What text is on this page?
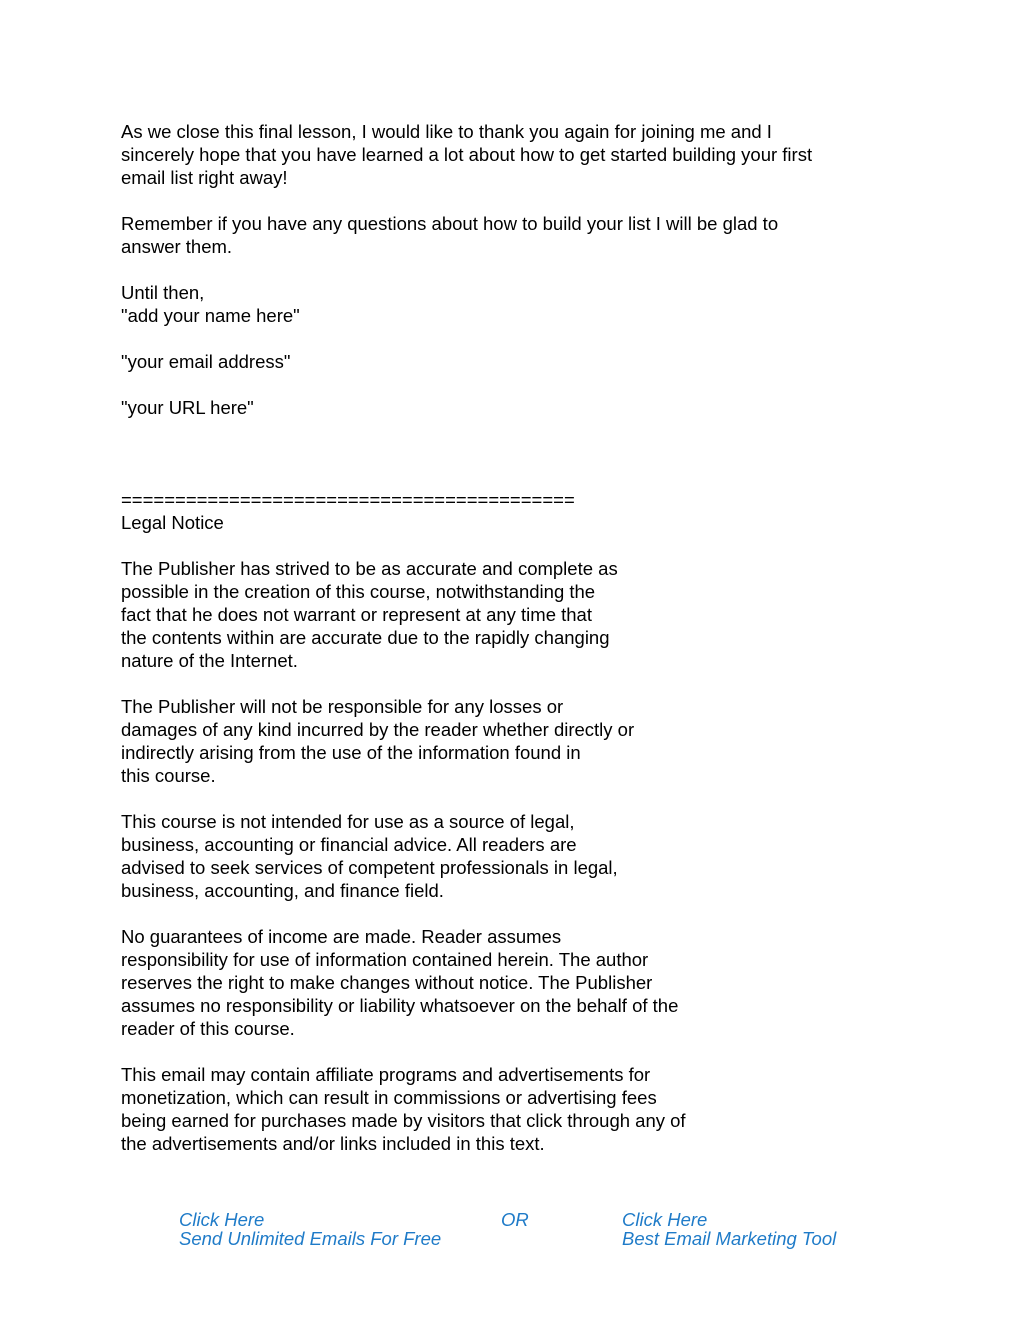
As we close this final lesson, I would like to thank you again for joining me and I
sincerely hope that you have learned a lot about how to get started building your first
email list right away!
Remember if you have any questions about how to build your list I will be glad to
answer them.
Until then,
"add your name here"
"your email address"
"your URL here"
==========================================
Legal Notice
The Publisher has strived to be as accurate and complete as
possible in the creation of this course, notwithstanding the
fact that he does not warrant or represent at any time that
the contents within are accurate due to the rapidly changing
nature of the Internet.
The Publisher will not be responsible for any losses or
damages of any kind incurred by the reader whether directly or
indirectly arising from the use of the information found in
this course.
This course is not intended for use as a source of legal,
business, accounting or financial advice. All readers are
advised to seek services of competent professionals in legal,
business, accounting, and finance field.
No guarantees of income are made. Reader assumes
responsibility for use of information contained herein. The author
reserves the right to make changes without notice. The Publisher
assumes no responsibility or liability whatsoever on the behalf of the
reader of this course.
This email may contain affiliate programs and advertisements for
monetization, which can result in commissions or advertising fees
being earned for purchases made by visitors that click through any of
the advertisements and/or links included in this text.
Click Here
Send Unlimited Emails For Free
OR	Click Here
Best Email Marketing Tool
